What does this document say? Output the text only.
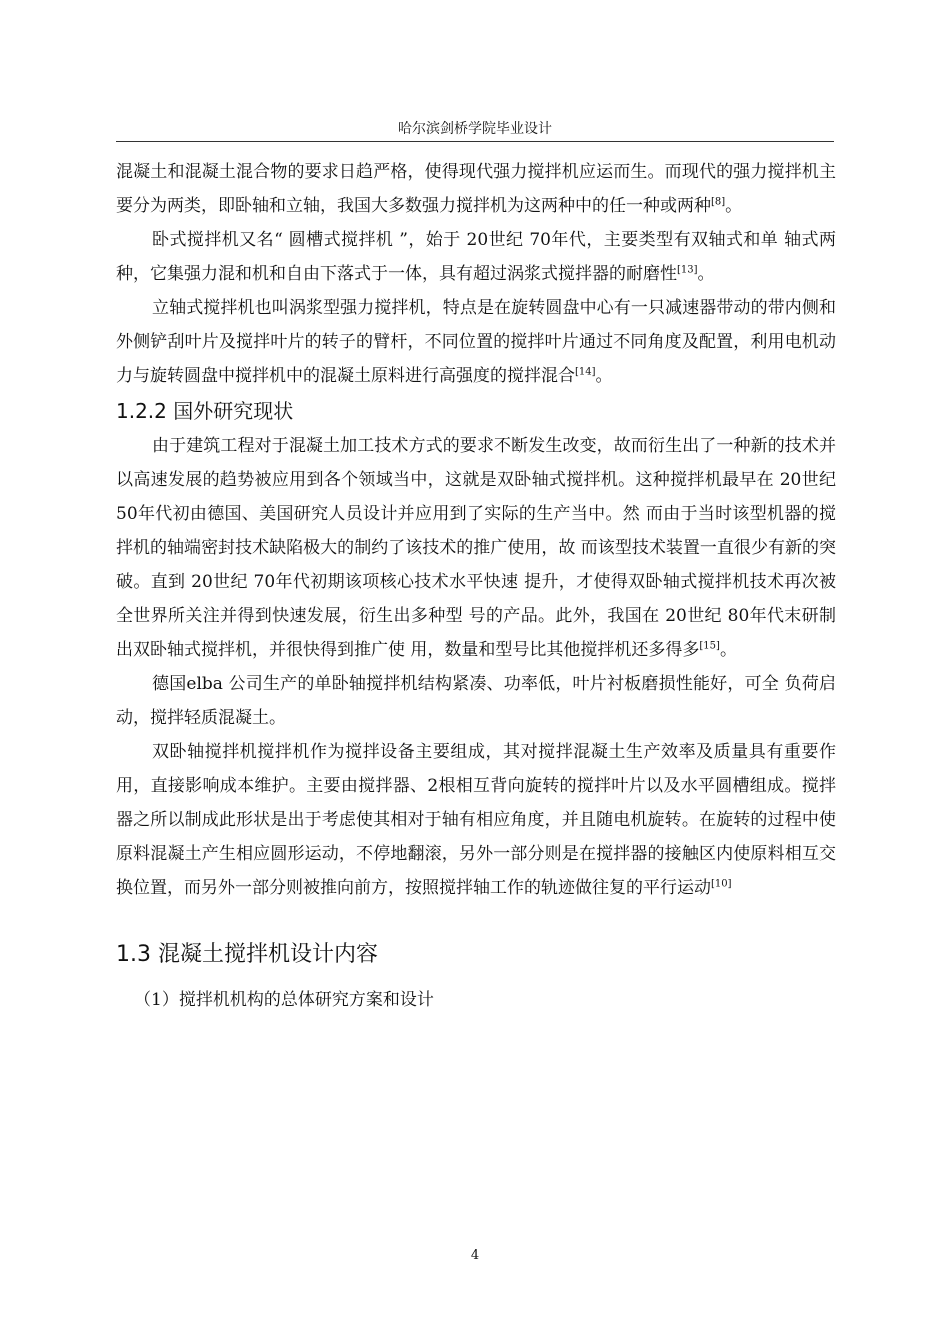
哈尔滨剑桥学院毕业设计

混凝土和混凝土混合物的要求日趋严格，使得现代强力搅拌机应运而生。而现代的强力搅拌机主要分为两类，即卧轴和立轴，我国大多数强力搅拌机为这两种中的任一种或两种[8]。

卧式搅拌机又名“ 圆槽式搅拌机 ”，始于 20世纪 70年代，主要类型有双轴式和单 轴式两种，它集强力混和机和自由下落式于一体，具有超过涡浆式搅拌器的耐磨性[13]。

立轴式搅拌机也叫涡浆型强力搅拌机，特点是在旋转圆盘中心有一只减速器带动的带内侧和外侧铲刮叶片及搅拌叶片的转子的臂杆，不同位置的搅拌叶片通过不同角度及配置，利用电机动力与旋转圆盘中搅拌机中的混凝土原料进行高强度的搅拌混合[14]。

1.2.2 国外研究现状

由于建筑工程对于混凝土加工技术方式的要求不断发生改变，故而衍生出了一种新的技术并以高速发展的趋势被应用到各个领域当中，这就是双卧轴式搅拌机。这种搅拌机最早在 20世纪 50年代初由德国、美国研究人员设计并应用到了实际的生产当中。然 而由于当时该型机器的搅拌机的轴端密封技术缺陷极大的制约了该技术的推广使用，故 而该型技术装置一直很少有新的突破。直到 20世纪 70年代初期该项核心技术水平快速 提升，才使得双卧轴式搅拌机技术再次被全世界所关注并得到快速发展，衍生出多种型 号的产品。此外，我国在 20世纪 80年代末研制出双卧轴式搅拌机，并很快得到推广使 用，数量和型号比其他搅拌机还多得多[15]。

德国elba 公司生产的单卧轴搅拌机结构紧凑、功率低，叶片衬板磨损性能好，可全 负荷启动，搅拌轻质混凝土。

双卧轴搅拌机搅拌机作为搅拌设备主要组成，其对搅拌混凝土生产效率及质量具有重要作用，直接影响成本维护。主要由搅拌器、2根相互背向旋转的搅拌叶片以及水平圆槽组成。搅拌器之所以制成此形状是出于考虑使其相对于轴有相应角度，并且随电机旋转。在旋转的过程中使原料混凝土产生相应圆形运动，不停地翻滚，另外一部分则是在搅拌器的接触区内使原料相互交换位置，而另外一部分则被推向前方，按照搅拌轴工作的轨迹做往复的平行运动[10]

1.3 混凝土搅拌机设计内容
（1）搅拌机机构的总体研究方案和设计
4
